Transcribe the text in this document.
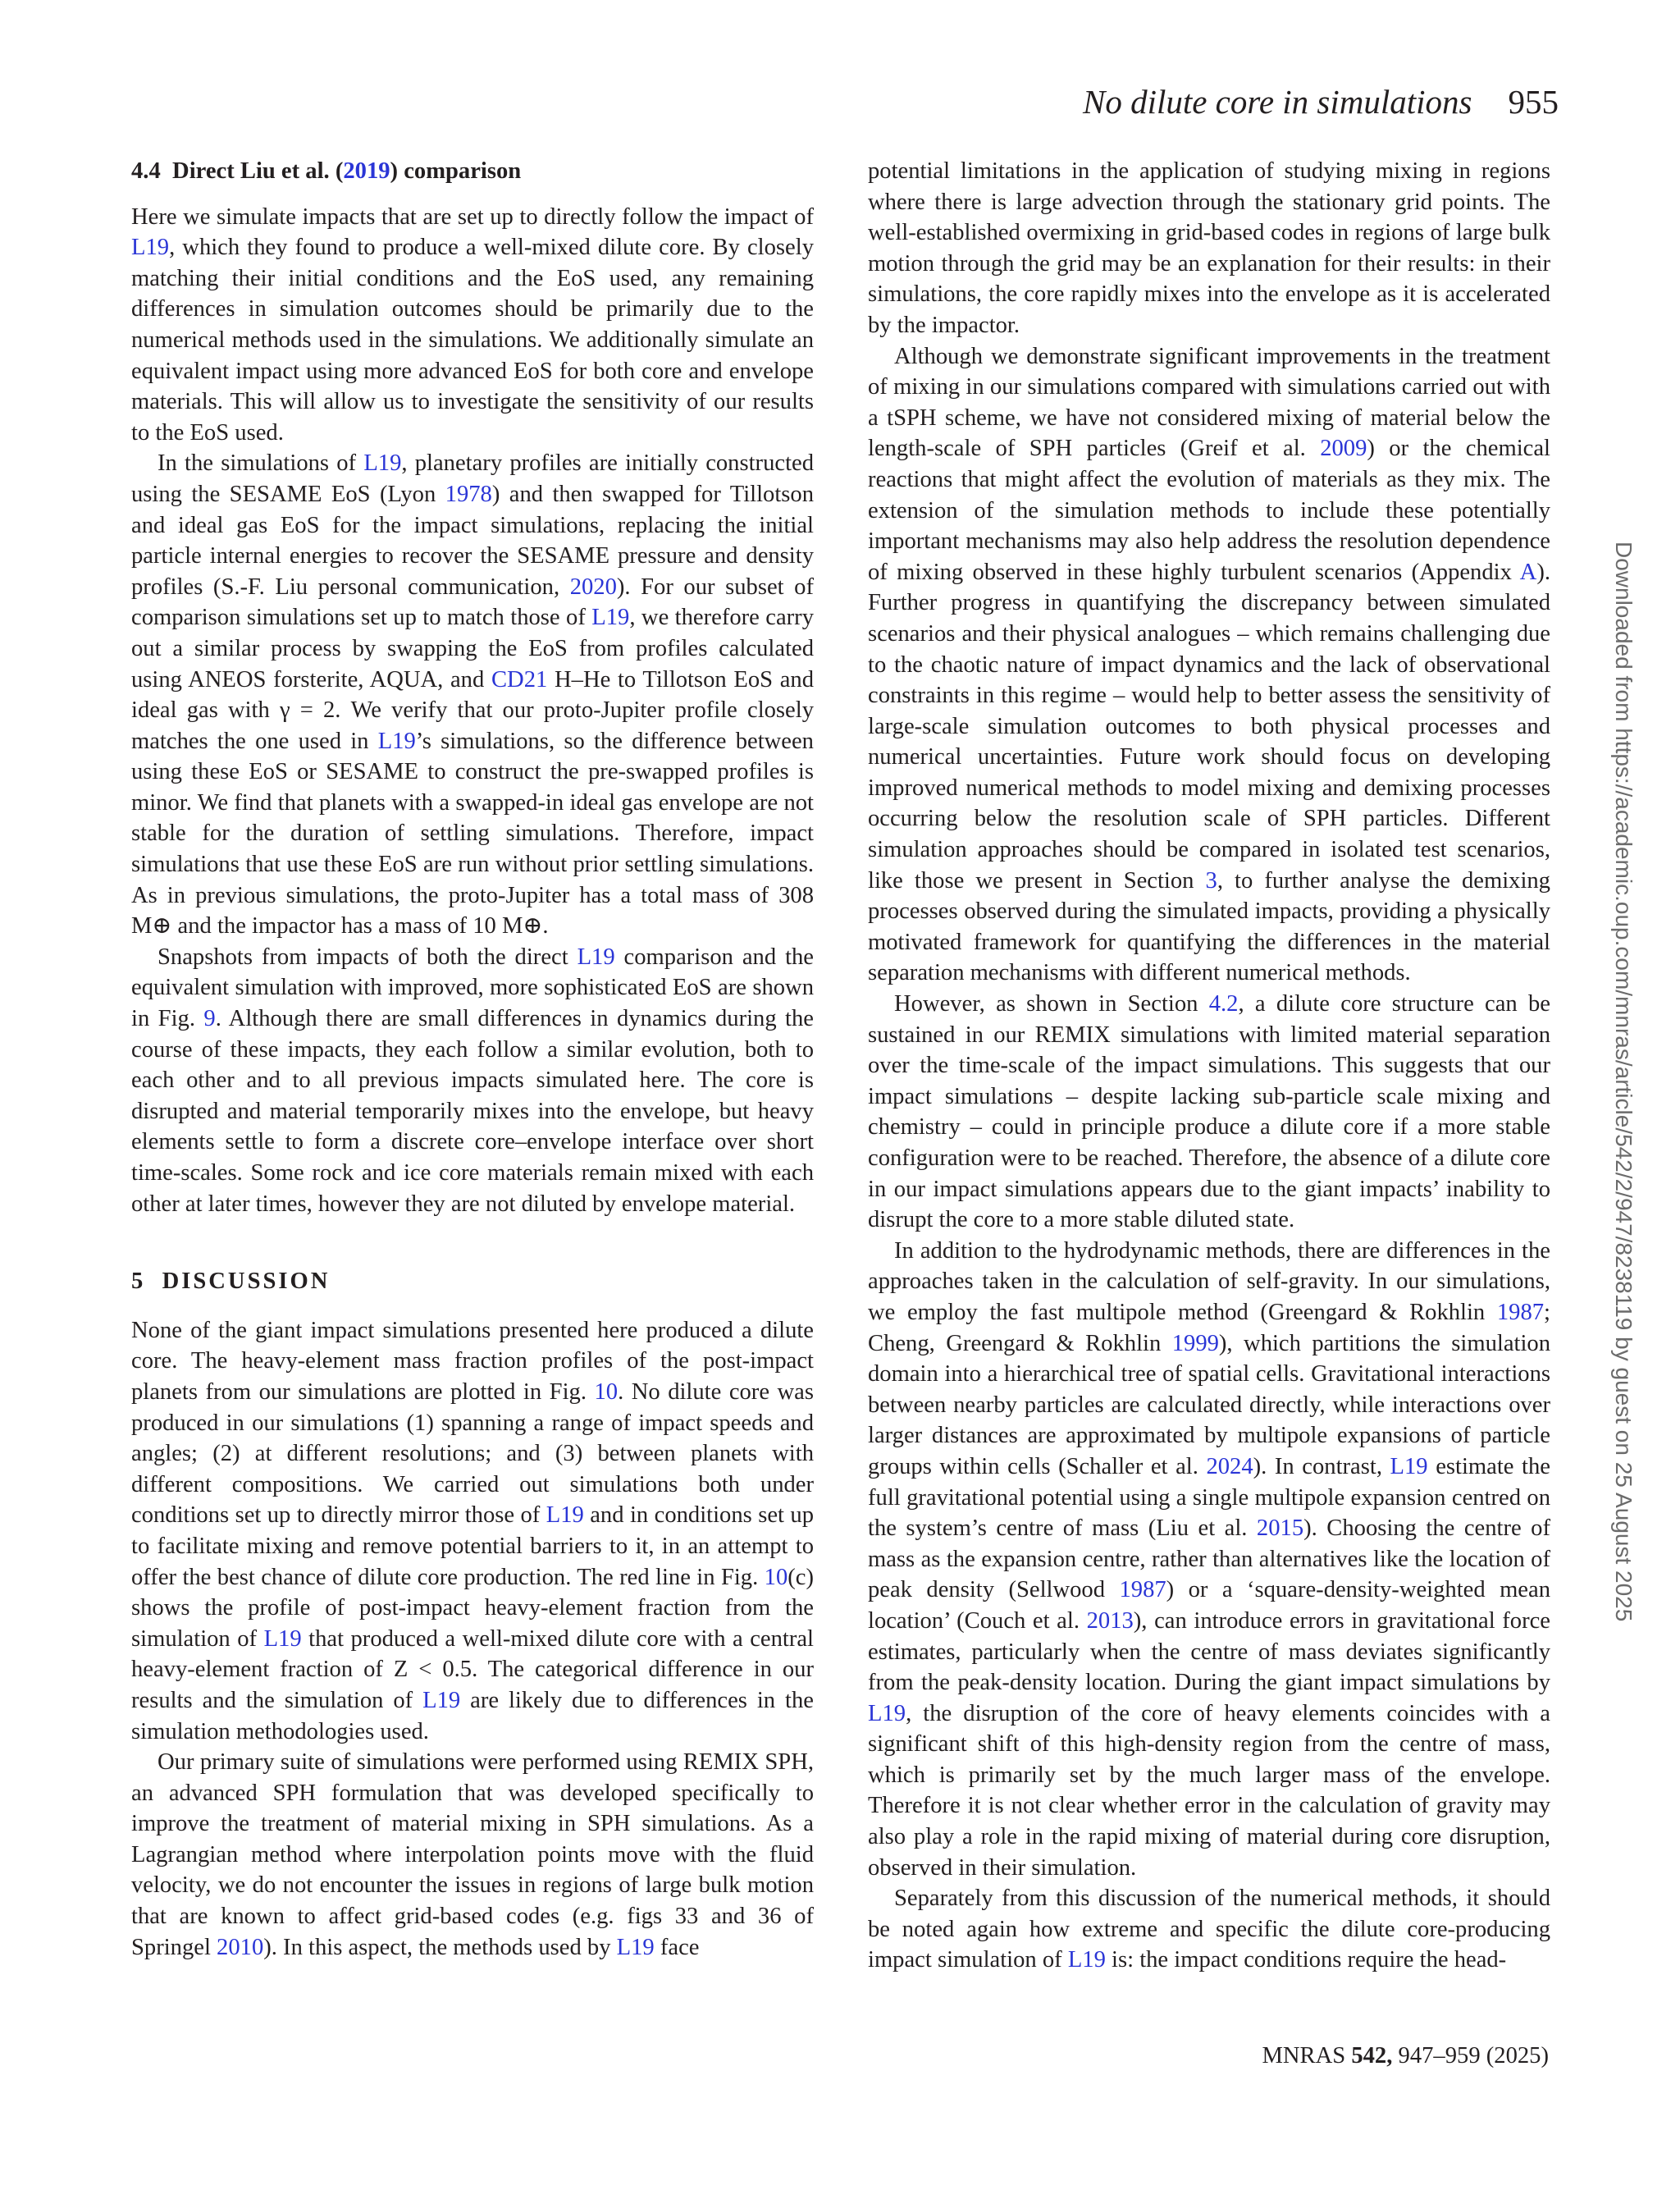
No dilute core in simulations 955
4.4 Direct Liu et al. (2019) comparison

Here we simulate impacts that are set up to directly follow the impact of L19, which they found to produce a well-mixed dilute core. By closely matching their initial conditions and the EoS used, any remaining differences in simulation outcomes should be primarily due to the numerical methods used in the simulations. We additionally simulate an equivalent impact using more advanced EoS for both core and envelope materials. This will allow us to investigate the sensitivity of our results to the EoS used.

In the simulations of L19, planetary profiles are initially constructed using the SESAME EoS (Lyon 1978) and then swapped for Tillotson and ideal gas EoS for the impact simulations, replacing the initial particle internal energies to recover the SESAME pressure and density profiles (S.-F. Liu personal communication, 2020). For our subset of comparison simulations set up to match those of L19, we therefore carry out a similar process by swapping the EoS from profiles calculated using ANEOS forsterite, AQUA, and CD21 H–He to Tillotson EoS and ideal gas with γ = 2. We verify that our proto-Jupiter profile closely matches the one used in L19’s simulations, so the difference between using these EoS or SESAME to construct the pre-swapped profiles is minor. We find that planets with a swapped-in ideal gas envelope are not stable for the duration of settling simulations. Therefore, impact simulations that use these EoS are run without prior settling simulations. As in previous simulations, the proto-Jupiter has a total mass of 308 M⊕ and the impactor has a mass of 10 M⊕.

Snapshots from impacts of both the direct L19 comparison and the equivalent simulation with improved, more sophisticated EoS are shown in Fig. 9. Although there are small differences in dynamics during the course of these impacts, they each follow a similar evolution, both to each other and to all previous impacts simulated here. The core is disrupted and material temporarily mixes into the envelope, but heavy elements settle to form a discrete core–envelope interface over short time-scales. Some rock and ice core materials remain mixed with each other at later times, however they are not diluted by envelope material.

5 DISCUSSION

None of the giant impact simulations presented here produced a dilute core. The heavy-element mass fraction profiles of the post-impact planets from our simulations are plotted in Fig. 10. No dilute core was produced in our simulations (1) spanning a range of impact speeds and angles; (2) at different resolutions; and (3) between planets with different compositions. We carried out simulations both under conditions set up to directly mirror those of L19 and in conditions set up to facilitate mixing and remove potential barriers to it, in an attempt to offer the best chance of dilute core production. The red line in Fig. 10(c) shows the profile of post-impact heavy-element fraction from the simulation of L19 that produced a well-mixed dilute core with a central heavy-element fraction of Z < 0.5. The categorical difference in our results and the simulation of L19 are likely due to differences in the simulation methodologies used.

Our primary suite of simulations were performed using REMIX SPH, an advanced SPH formulation that was developed specifically to improve the treatment of material mixing in SPH simulations. As a Lagrangian method where interpolation points move with the fluid velocity, we do not encounter the issues in regions of large bulk motion that are known to affect grid-based codes (e.g. figs 33 and 36 of Springel 2010). In this aspect, the methods used by L19 face

potential limitations in the application of studying mixing in regions where there is large advection through the stationary grid points. The well-established overmixing in grid-based codes in regions of large bulk motion through the grid may be an explanation for their results: in their simulations, the core rapidly mixes into the envelope as it is accelerated by the impactor.

Although we demonstrate significant improvements in the treatment of mixing in our simulations compared with simulations carried out with a tSPH scheme, we have not considered mixing of material below the length-scale of SPH particles (Greif et al. 2009) or the chemical reactions that might affect the evolution of materials as they mix. The extension of the simulation methods to include these potentially important mechanisms may also help address the resolution dependence of mixing observed in these highly turbulent scenarios (Appendix A). Further progress in quantifying the discrepancy between simulated scenarios and their physical analogues – which remains challenging due to the chaotic nature of impact dynamics and the lack of observational constraints in this regime – would help to better assess the sensitivity of large-scale simulation outcomes to both physical processes and numerical uncertainties. Future work should focus on developing improved numerical methods to model mixing and demixing processes occurring below the resolution scale of SPH particles. Different simulation approaches should be compared in isolated test scenarios, like those we present in Section 3, to further analyse the demixing processes observed during the simulated impacts, providing a physically motivated framework for quantifying the differences in the material separation mechanisms with different numerical methods.

However, as shown in Section 4.2, a dilute core structure can be sustained in our REMIX simulations with limited material separation over the time-scale of the impact simulations. This suggests that our impact simulations – despite lacking sub-particle scale mixing and chemistry – could in principle produce a dilute core if a more stable configuration were to be reached. Therefore, the absence of a dilute core in our impact simulations appears due to the giant impacts’ inability to disrupt the core to a more stable diluted state.

In addition to the hydrodynamic methods, there are differences in the approaches taken in the calculation of self-gravity. In our simulations, we employ the fast multipole method (Greengard & Rokhlin 1987; Cheng, Greengard & Rokhlin 1999), which partitions the simulation domain into a hierarchical tree of spatial cells. Gravitational interactions between nearby particles are calculated directly, while interactions over larger distances are approximated by multipole expansions of particle groups within cells (Schaller et al. 2024). In contrast, L19 estimate the full gravitational potential using a single multipole expansion centred on the system’s centre of mass (Liu et al. 2015). Choosing the centre of mass as the expansion centre, rather than alternatives like the location of peak density (Sellwood 1987) or a ‘square-density-weighted mean location’ (Couch et al. 2013), can introduce errors in gravitational force estimates, particularly when the centre of mass deviates significantly from the peak-density location. During the giant impact simulations by L19, the disruption of the core of heavy elements coincides with a significant shift of this high-density region from the centre of mass, which is primarily set by the much larger mass of the envelope. Therefore it is not clear whether error in the calculation of gravity may also play a role in the rapid mixing of material during core disruption, observed in their simulation.

Separately from this discussion of the numerical methods, it should be noted again how extreme and specific the dilute core-producing impact simulation of L19 is: the impact conditions require the head-

Downloaded from https://academic.oup.com/mnras/article/542/2/947/8238119 by guest on 25 August 2025
MNRAS 542, 947–959 (2025)
